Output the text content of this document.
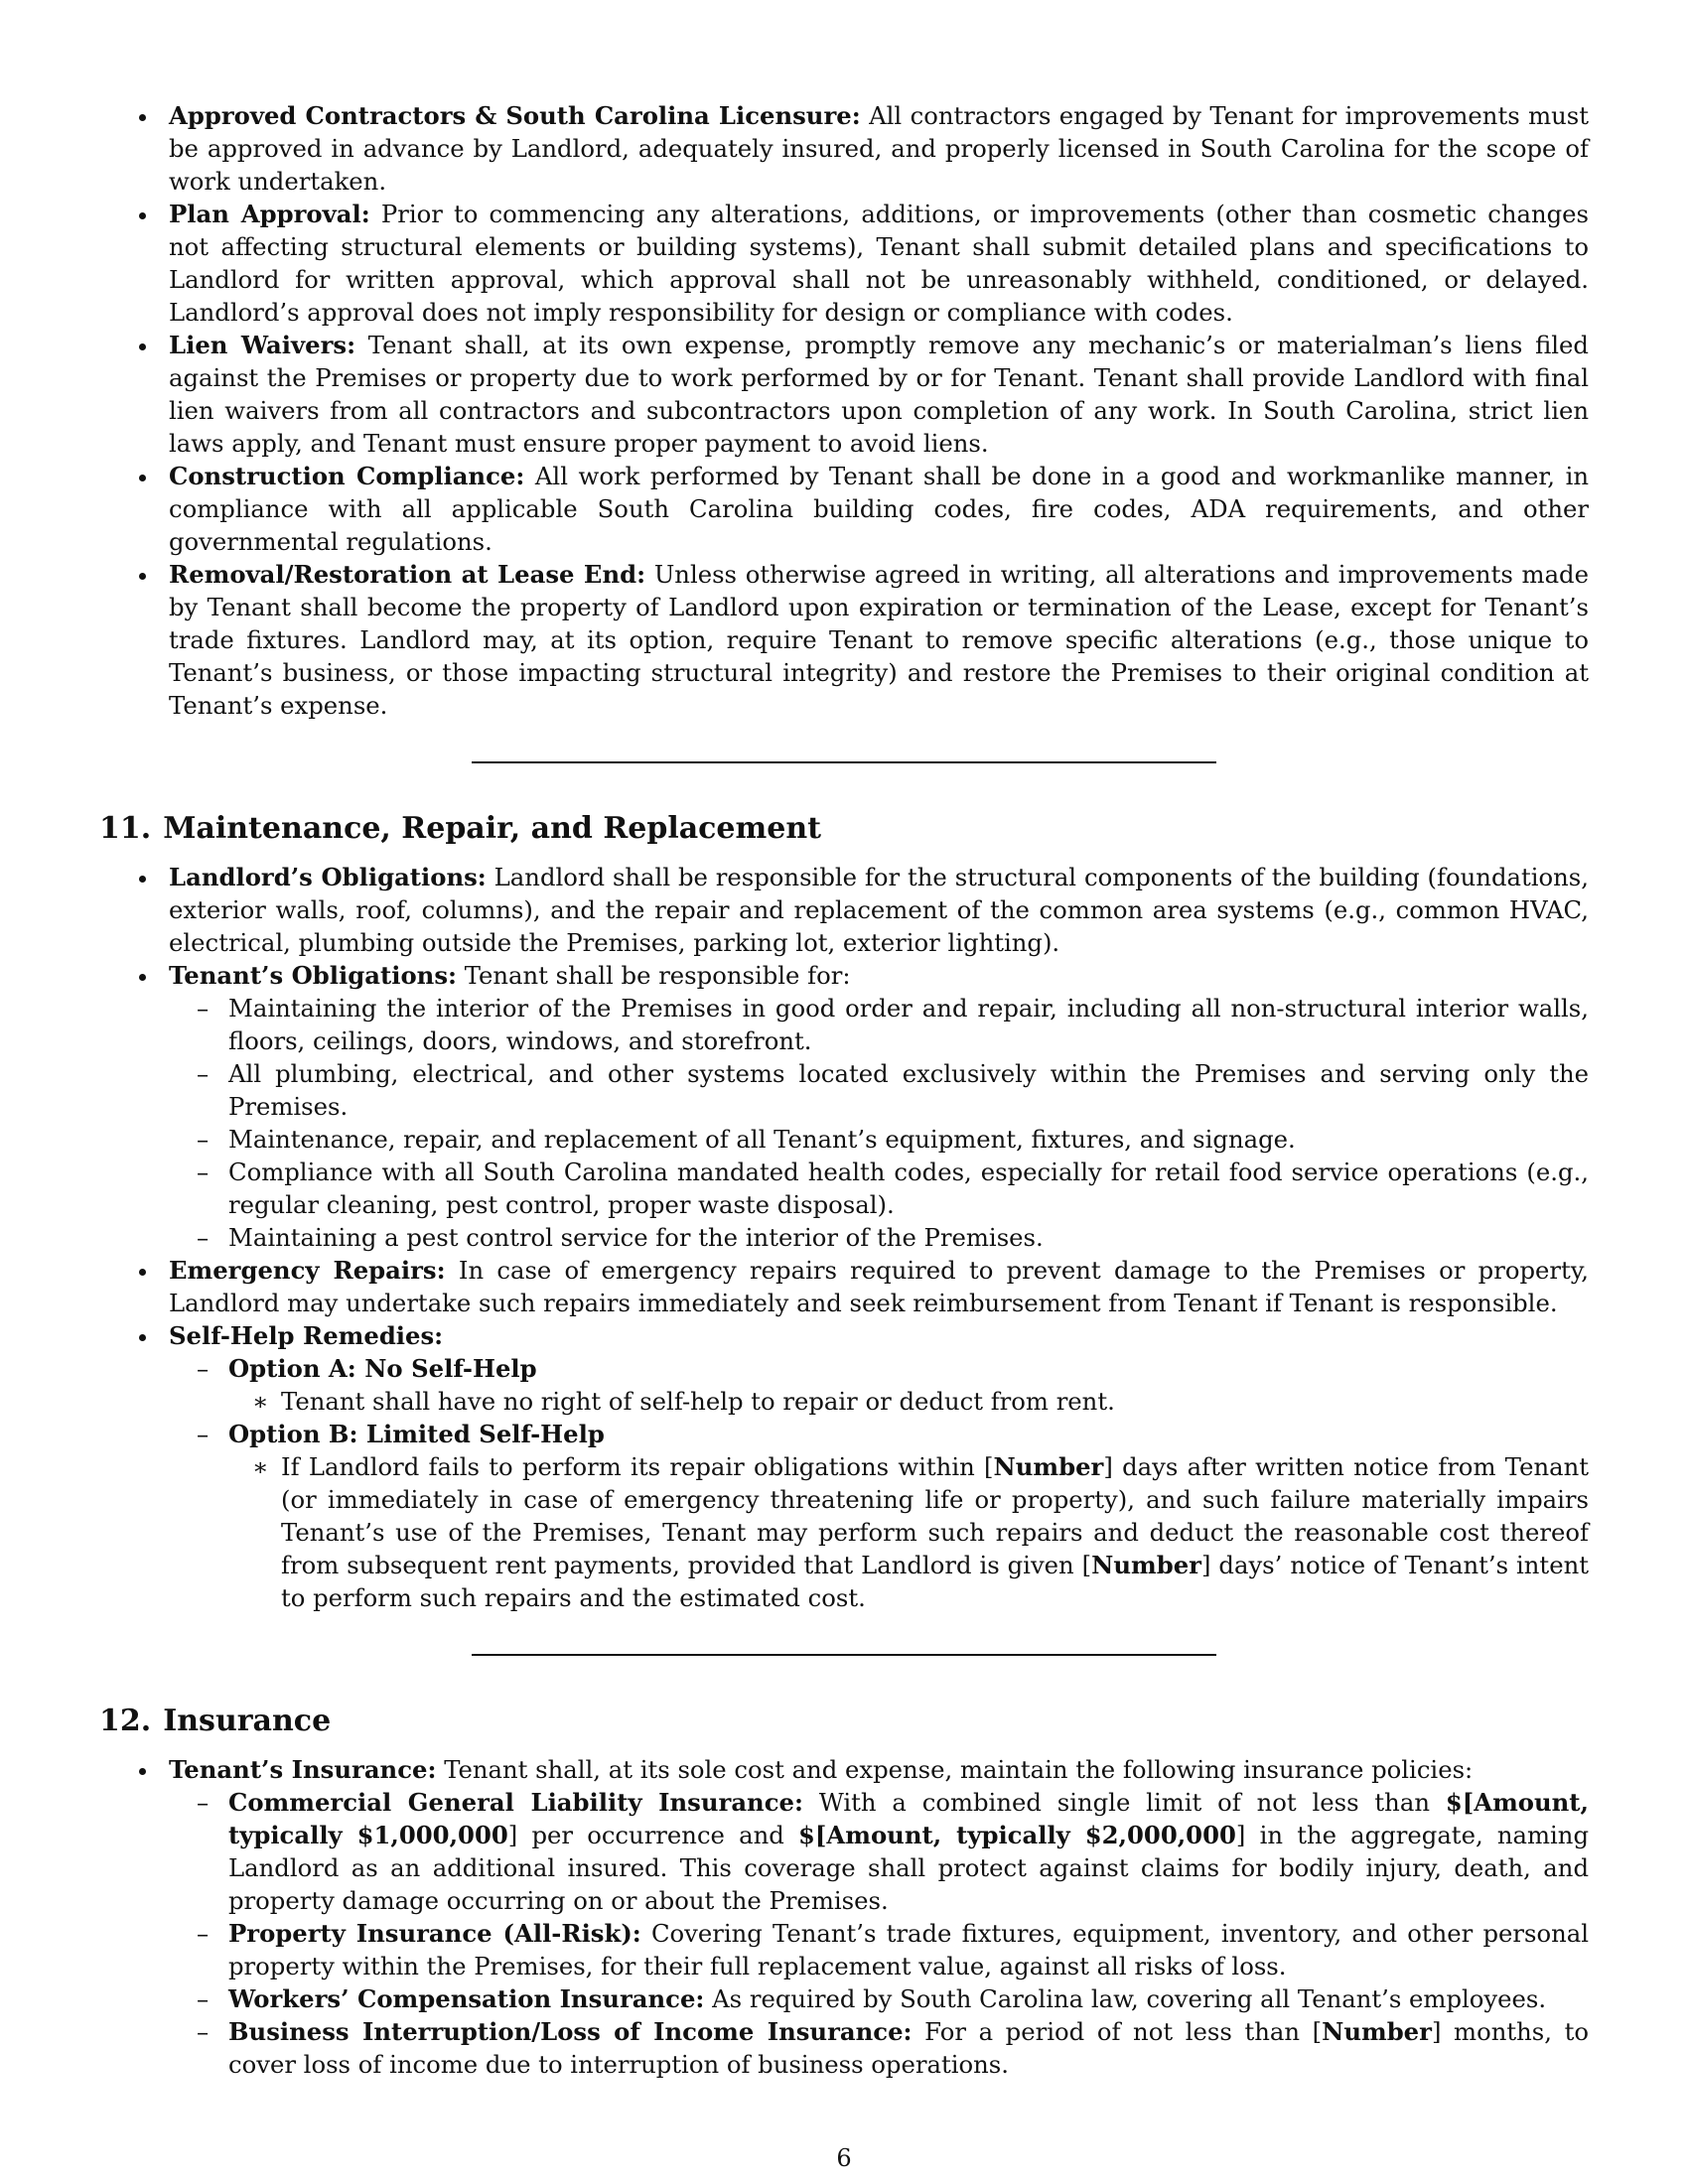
Approved Contractors & South Carolina Licensure: All contractors engaged by Tenant for improvements must be approved in advance by Landlord, adequately insured, and properly licensed in South Carolina for the scope of work undertaken.
Plan Approval: Prior to commencing any alterations, additions, or improvements (other than cosmetic changes not affecting structural elements or building systems), Tenant shall submit detailed plans and specifications to Landlord for written approval, which approval shall not be unreasonably withheld, conditioned, or delayed. Landlord’s approval does not imply responsibility for design or compliance with codes.
Lien Waivers: Tenant shall, at its own expense, promptly remove any mechanic’s or materialman’s liens filed against the Premises or property due to work performed by or for Tenant. Tenant shall provide Landlord with final lien waivers from all contractors and subcontractors upon completion of any work. In South Carolina, strict lien laws apply, and Tenant must ensure proper payment to avoid liens.
Construction Compliance: All work performed by Tenant shall be done in a good and workmanlike manner, in compliance with all applicable South Carolina building codes, fire codes, ADA requirements, and other governmental regulations.
Removal/Restoration at Lease End: Unless otherwise agreed in writing, all alterations and improvements made by Tenant shall become the property of Landlord upon expiration or termination of the Lease, except for Tenant’s trade fixtures. Landlord may, at its option, require Tenant to remove specific alterations (e.g., those unique to Tenant’s business, or those impacting structural integrity) and restore the Premises to their original condition at Tenant’s expense.
11. Maintenance, Repair, and Replacement
Landlord’s Obligations: Landlord shall be responsible for the structural components of the building (foundations, exterior walls, roof, columns), and the repair and replacement of the common area systems (e.g., common HVAC, electrical, plumbing outside the Premises, parking lot, exterior lighting).
Tenant’s Obligations: Tenant shall be responsible for:
– Maintaining the interior of the Premises in good order and repair, including all non-structural interior walls, floors, ceilings, doors, windows, and storefront.
– All plumbing, electrical, and other systems located exclusively within the Premises and serving only the Premises.
– Maintenance, repair, and replacement of all Tenant’s equipment, fixtures, and signage.
– Compliance with all South Carolina mandated health codes, especially for retail food service operations (e.g., regular cleaning, pest control, proper waste disposal).
– Maintaining a pest control service for the interior of the Premises.
Emergency Repairs: In case of emergency repairs required to prevent damage to the Premises or property, Landlord may undertake such repairs immediately and seek reimbursement from Tenant if Tenant is responsible.
Self-Help Remedies:
– Option A: No Self-Help
∗ Tenant shall have no right of self-help to repair or deduct from rent.
– Option B: Limited Self-Help
∗ If Landlord fails to perform its repair obligations within [Number] days after written notice from Tenant (or immediately in case of emergency threatening life or property), and such failure materially impairs Tenant’s use of the Premises, Tenant may perform such repairs and deduct the reasonable cost thereof from subsequent rent payments, provided that Landlord is given [Number] days’ notice of Tenant’s intent to perform such repairs and the estimated cost.
12. Insurance
Tenant’s Insurance: Tenant shall, at its sole cost and expense, maintain the following insurance policies:
– Commercial General Liability Insurance: With a combined single limit of not less than $[Amount, typically $1,000,000] per occurrence and $[Amount, typically $2,000,000] in the aggregate, naming Landlord as an additional insured. This coverage shall protect against claims for bodily injury, death, and property damage occurring on or about the Premises.
– Property Insurance (All-Risk): Covering Tenant’s trade fixtures, equipment, inventory, and other personal property within the Premises, for their full replacement value, against all risks of loss.
– Workers’ Compensation Insurance: As required by South Carolina law, covering all Tenant’s employees.
– Business Interruption/Loss of Income Insurance: For a period of not less than [Number] months, to cover loss of income due to interruption of business operations.
6
